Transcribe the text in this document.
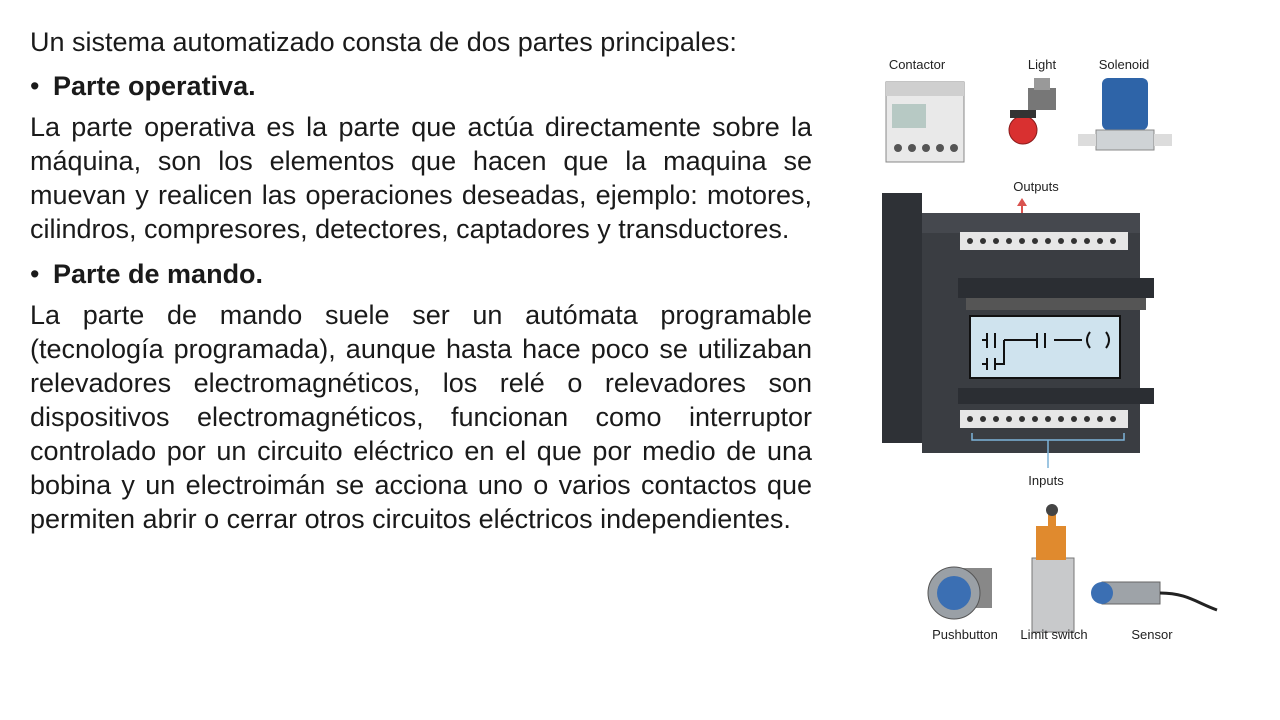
Un sistema automatizado consta de dos partes principales:

• Parte operativa.

La parte operativa es la parte que actúa directamente sobre la máquina, son los elementos que hacen que la maquina se muevan y realicen las operaciones deseadas, ejemplo: motores, cilindros, compresores, detectores, captadores y transductores.

• Parte de mando.

La parte de mando suele ser un autómata programable (tecnología programada), aunque hasta hace poco se utilizaban relevadores electromagnéticos, los relé o relevadores son dispositivos electromagnéticos, funcionan como interruptor controlado por un circuito eléctrico en el que por medio de una bobina y un electroimán se acciona uno o varios contactos que permiten abrir o cerrar otros circuitos eléctricos independientes.

Contactor	Light	Solenoid
Outputs
Inputs
Pushbutton Limit switch	Sensor
